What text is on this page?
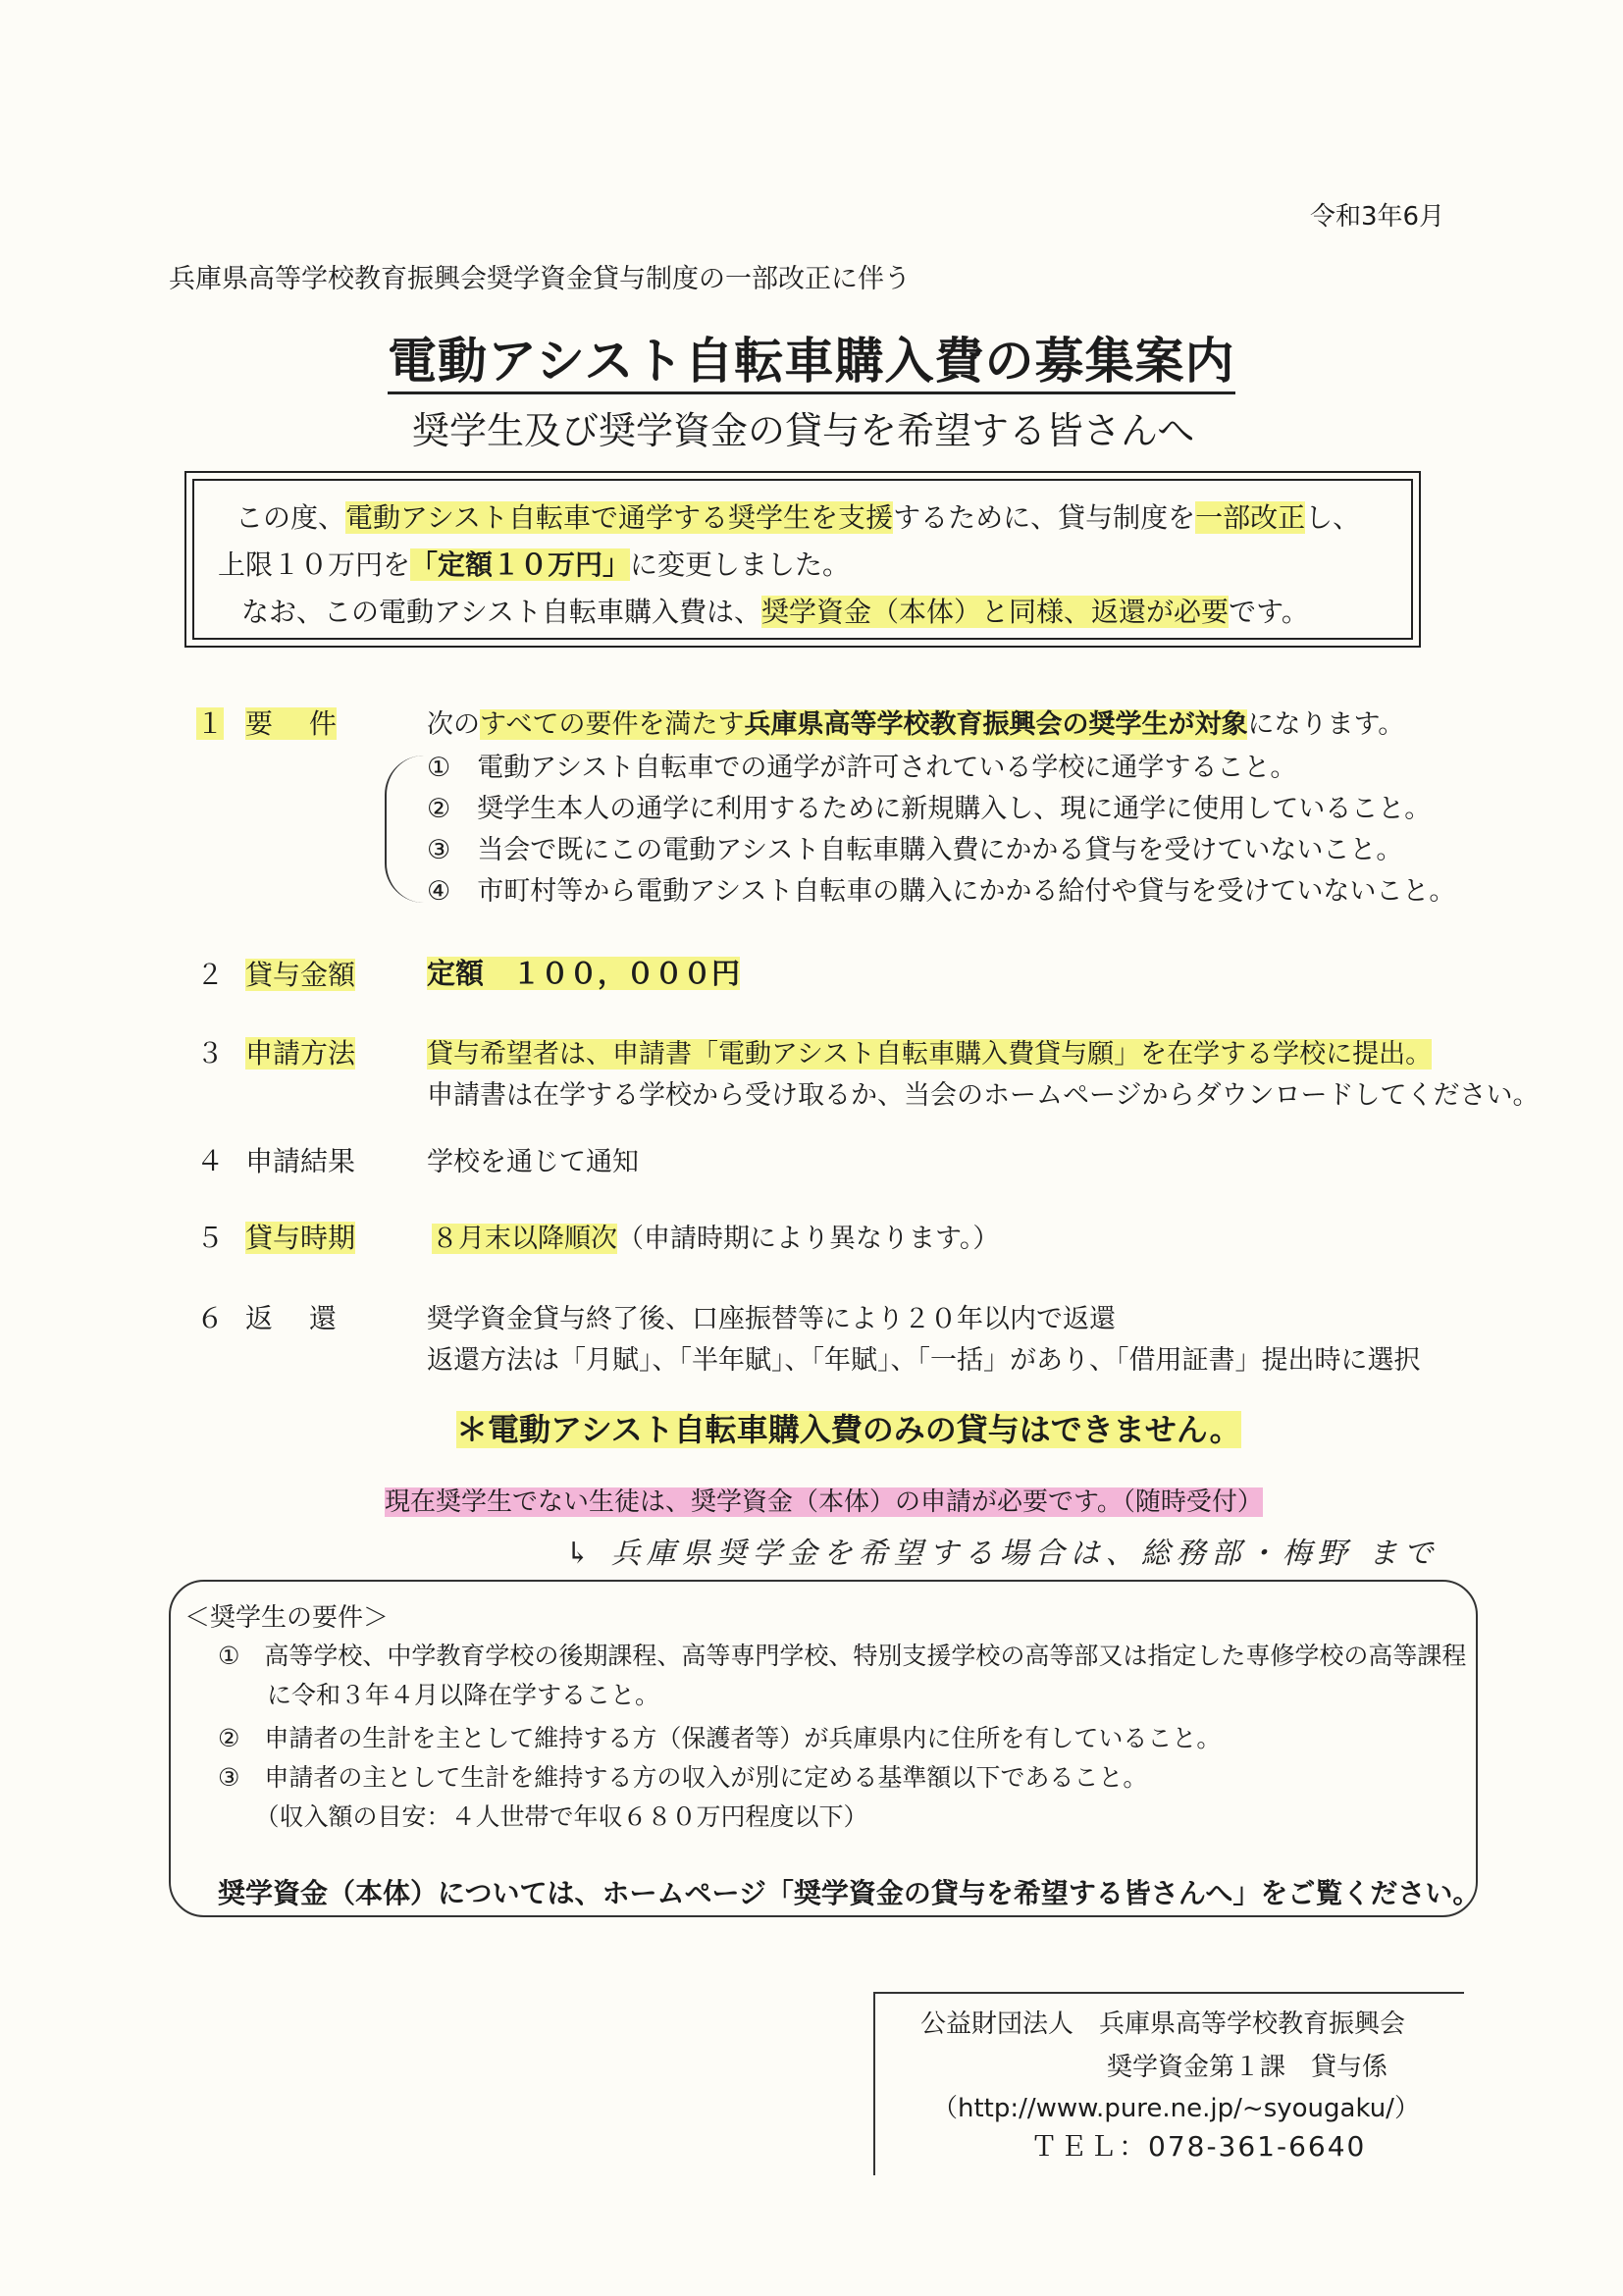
令和3年6月
兵庫県高等学校教育振興会奨学資金貸与制度の一部改正に伴う
電動アシスト自転車購入費の募集案内
奨学生及び奨学資金の貸与を希望する皆さんへ
この度、電動アシスト自転車で通学する奨学生を支援するために、貸与制度を一部改正し、
上限１０万円を「定額１０万円」に変更しました。
なお、この電動アシスト自転車購入費は、奨学資金（本体）と同様、返還が必要です。
１ 要　 件	次のすべての要件を満たす兵庫県高等学校教育振興会の奨学生が対象になります。
①　電動アシスト自転車での通学が許可されている学校に通学すること。
②　奨学生本人の通学に利用するために新規購入し、現に通学に使用していること。
③　当会で既にこの電動アシスト自転車購入費にかかる貸与を受けていないこと。
④　市町村等から電動アシスト自転車の購入にかかる給付や貸与を受けていないこと。
２ 貸与金額	定額　１００，０００円
３ 申請方法	貸与希望者は、申請書「電動アシスト自転車購入費貸与願」を在学する学校に提出。
申請書は在学する学校から受け取るか、当会のホームページからダウンロードしてください。
４ 申請結果	学校を通じて通知
５ 貸与時期	８月末以降順次（申請時期により異なります。）
６ 返　 還	奨学資金貸与終了後、口座振替等により２０年以内で返還
返還方法は「月賦」、「半年賦」、「年賦」、「一括」があり、「借用証書」提出時に選択
＊電動アシスト自転車購入費のみの貸与はできません。
現在奨学生でない生徒は、奨学資金（本体）の申請が必要です。（随時受付）
↳ 兵庫県奨学金を希望する場合は、総務部・梅野 まで
＜奨学生の要件＞
①　高等学校、中学教育学校の後期課程、高等専門学校、特別支援学校の高等部又は指定した専修学校の高等課程
　　に令和３年４月以降在学すること。
②　申請者の生計を主として維持する方（保護者等）が兵庫県内に住所を有していること。
③　申請者の主として生計を維持する方の収入が別に定める基準額以下であること。
　　（収入額の目安：４人世帯で年収６８０万円程度以下）
奨学資金（本体）については、ホームページ「奨学資金の貸与を希望する皆さんへ」をご覧ください。
公益財団法人　兵庫県高等学校教育振興会
奨学資金第１課　貸与係
（http://www.pure.ne.jp/~syougaku/）
ＴＥＬ：078-361-6640
